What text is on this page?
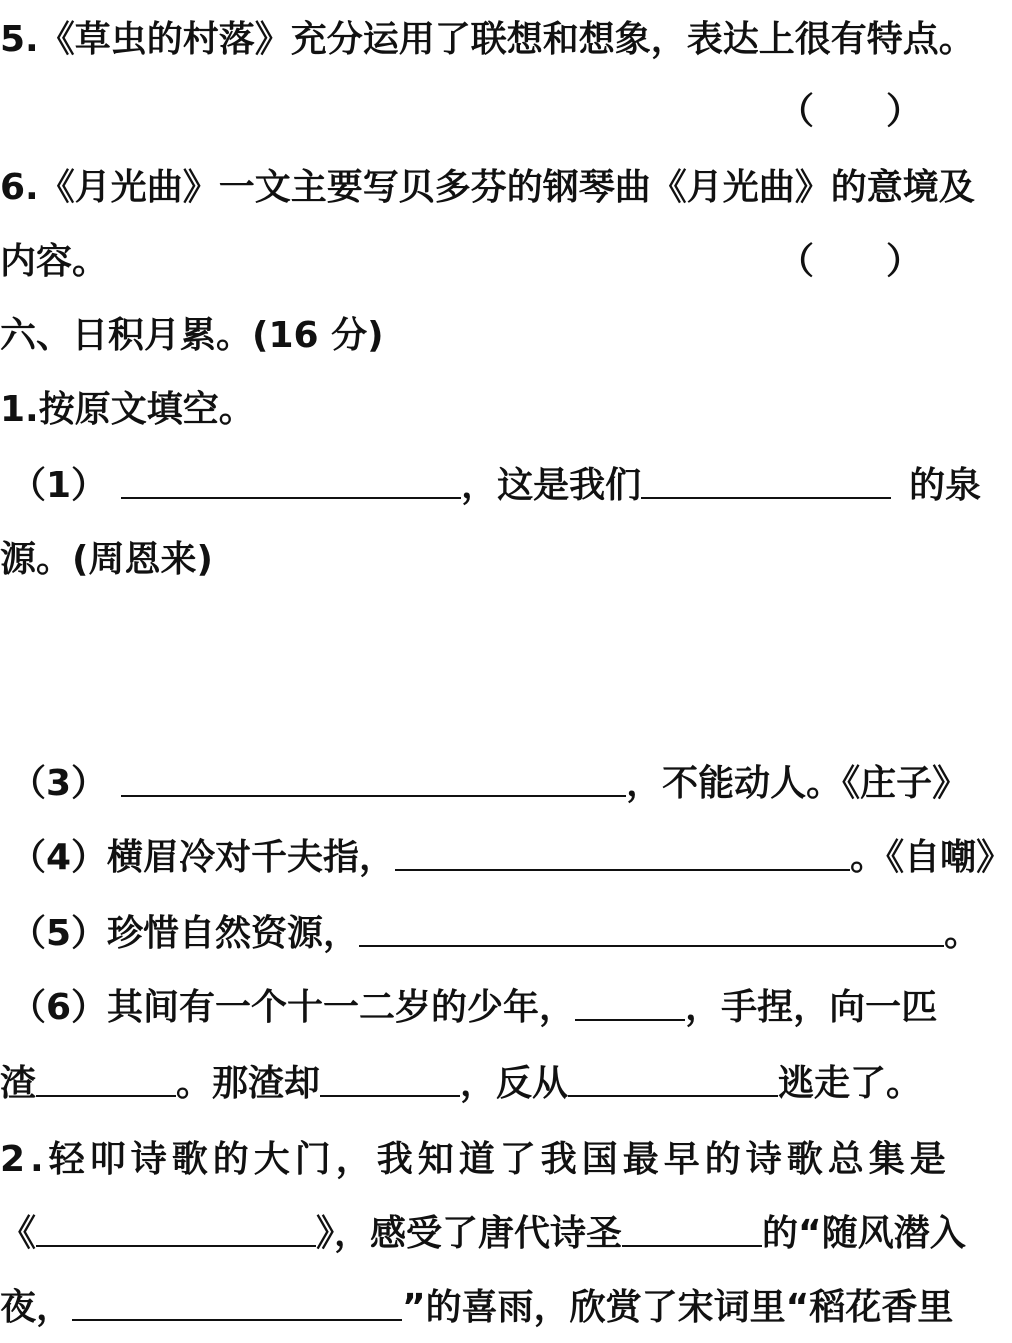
5.《草虫的村落》充分运用了联想和想象，表达上很有特点。
（　　）
6.《月光曲》一文主要写贝多芬的钢琴曲《月光曲》的意境及
内容。	（　　）
六、日积月累。(16 分)
1.按原文填空。
（1）	，这是我们	的泉
源。(周恩来)
（3）	，不能动人。《庄子》
（4）横眉冷对千夫指，	。《自嘲》
（5）珍惜自然资源，	。
（6）其间有一个十一二岁的少年，	，手捏，向一匹
渣	。那渣却	，反从	逃走了。
2.轻叩诗歌的大门，我知道了我国最早的诗歌总集是
《	》，感受了唐代诗圣	的“随风潜入
夜，	”的喜雨，欣赏了宋词里“稻花香里
